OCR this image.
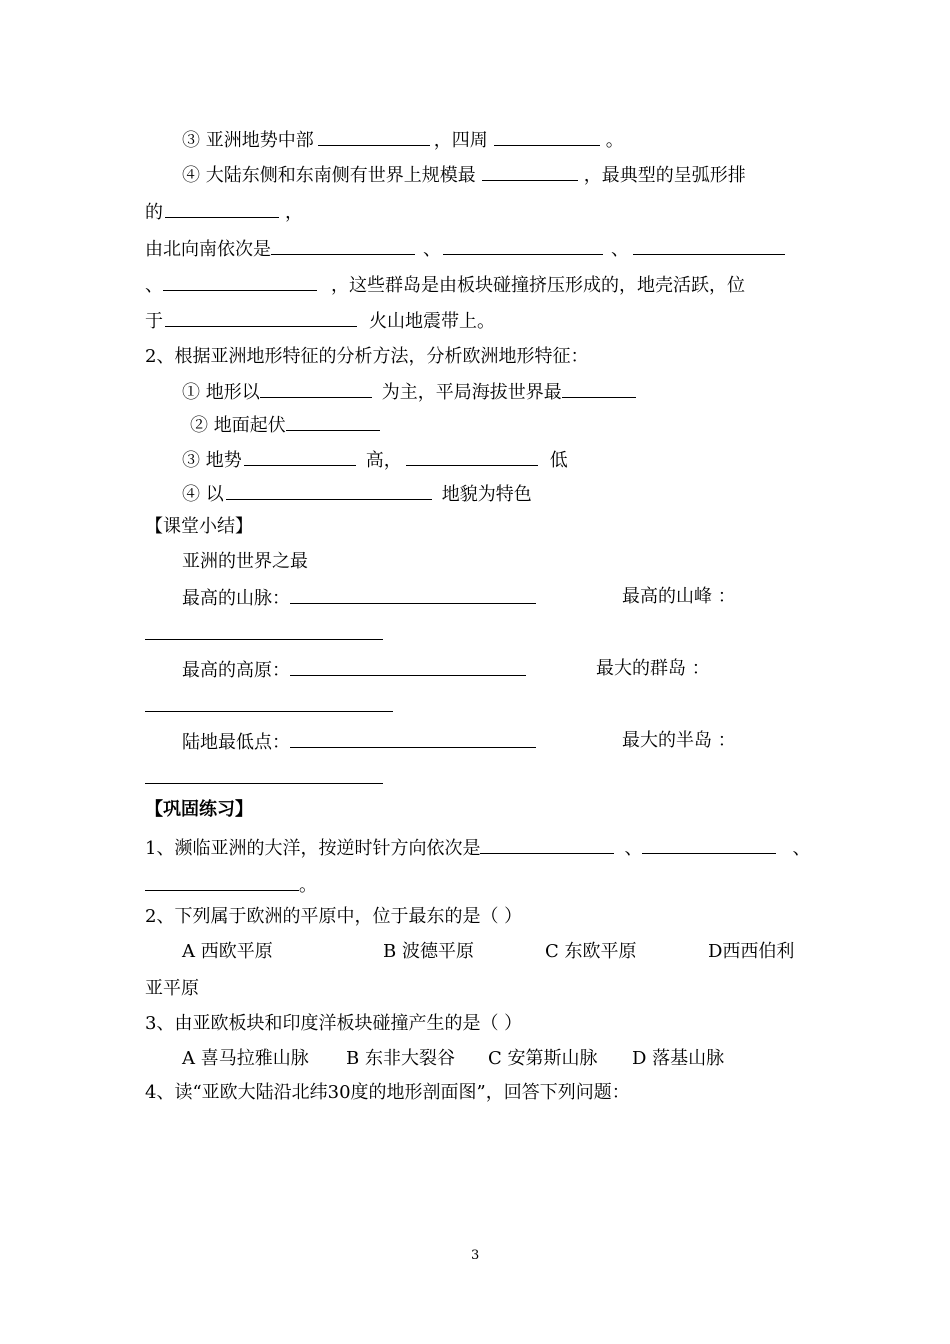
③ 亚洲地势中部	，四周	。
④ 大陆东侧和东南侧有世界上规模最	，最典型的呈弧形排
的	，
由北向南依次是	、	、
、	，这些群岛是由板块碰撞挤压形成的，地壳活跃，位
于	火山地震带上。
2、根据亚洲地形特征的分析方法，分析欧洲地形特征：
① 地形以	为主，平局海拔世界最
② 地面起伏
③ 地势	高，	低
④ 以	地貌为特色
【课堂小结】
亚洲的世界之最
最高的山脉：	最高的山峰 ：
最高的高原：	最大的群岛 ：
陆地最低点：	最大的半岛 ：
【巩固练习】
1、濒临亚洲的大洋，按逆时针方向依次是	、	、
。
2、下列属于欧洲的平原中，位于最东的是（ ）
A 西欧平原	B 波德平原	C 东欧平原	D西西伯利
亚平原
3、由亚欧板块和印度洋板块碰撞产生的是（ ）
A 喜马拉雅山脉 B 东非大裂谷 C 安第斯山脉 D 落基山脉
4、读“亚欧大陆沿北纬30度的地形剖面图”，回答下列问题：
3
